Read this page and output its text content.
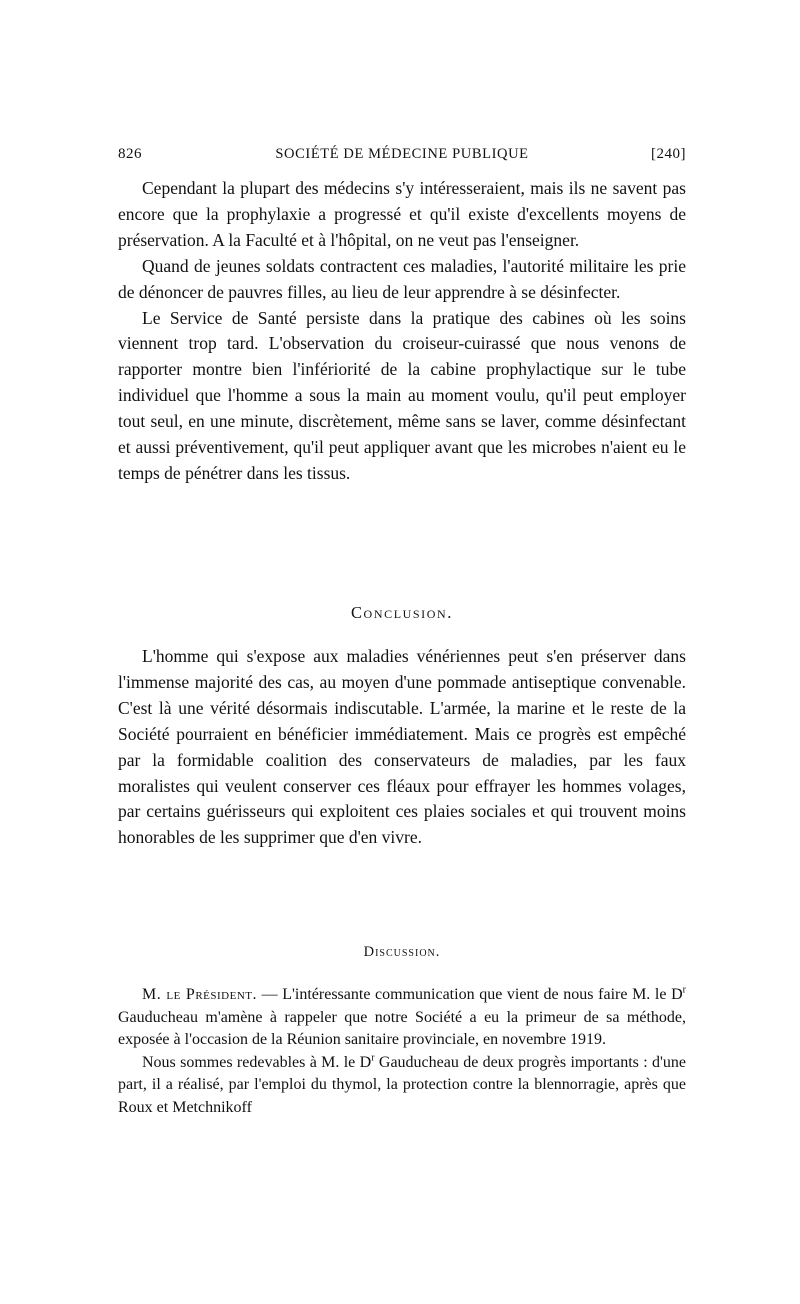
826	SOCIÉTÉ DE MÉDECINE PUBLIQUE	[240]

Cependant la plupart des médecins s'y intéresseraient, mais ils ne savent pas encore que la prophylaxie a progressé et qu'il existe d'excellents moyens de préservation. A la Faculté et à l'hôpital, on ne veut pas l'enseigner.

Quand de jeunes soldats contractent ces maladies, l'autorité militaire les prie de dénoncer de pauvres filles, au lieu de leur apprendre à se désinfecter.

Le Service de Santé persiste dans la pratique des cabines où les soins viennent trop tard. L'observation du croiseur-cuirassé que nous venons de rapporter montre bien l'infériorité de la cabine prophylactique sur le tube individuel que l'homme a sous la main au moment voulu, qu'il peut employer tout seul, en une minute, discrètement, même sans se laver, comme désinfectant et aussi préventivement, qu'il peut appliquer avant que les microbes n'aient eu le temps de pénétrer dans les tissus.

Conclusion.

L'homme qui s'expose aux maladies vénériennes peut s'en préserver dans l'immense majorité des cas, au moyen d'une pommade antiseptique convenable. C'est là une vérité désormais indiscutable. L'armée, la marine et le reste de la Société pourraient en bénéficier immédiatement. Mais ce progrès est empêché par la formidable coalition des conservateurs de maladies, par les faux moralistes qui veulent conserver ces fléaux pour effrayer les hommes volages, par certains guérisseurs qui exploitent ces plaies sociales et qui trouvent moins honorables de les supprimer que d'en vivre.

Discussion.

M. le Président. — L'intéressante communication que vient de nous faire M. le $D^r$ Gauducheau m'amène à rappeler que notre Société a eu la primeur de sa méthode, exposée à l'occasion de la Réunion sanitaire provinciale, en novembre 1919.

Nous sommes redevables à M. le $D^r$ Gauducheau de deux progrès importants : d'une part, il a réalisé, par l'emploi du thymol, la protection contre la blennorragie, après que Roux et Metchnikoff
